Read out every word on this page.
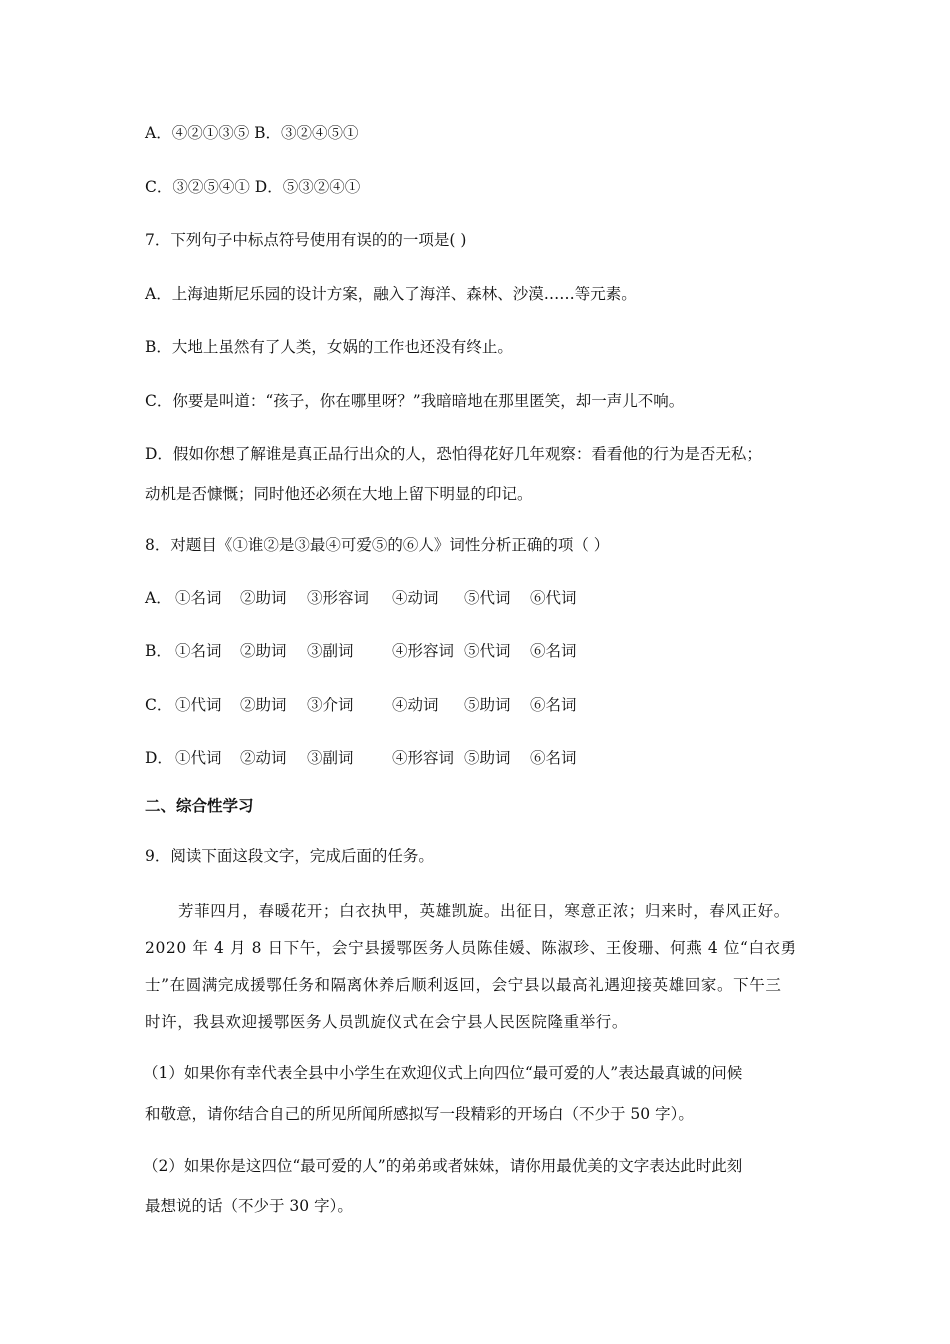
A．④②①③⑤ B．③②④⑤①
C．③②⑤④① D．⑤③②④①
7．下列句子中标点符号使用有误的的一项是( )
A．上海迪斯尼乐园的设计方案，融入了海洋、森林、沙漠……等元素。
B．大地上虽然有了人类，女娲的工作也还没有终止。
C．你要是叫道：“孩子，你在哪里呀？”我暗暗地在那里匿笑，却一声儿不响。
D．假如你想了解谁是真正品行出众的人，恐怕得花好几年观察：看看他的行为是否无私；
动机是否慷慨；同时他还必须在大地上留下明显的印记。
8．对题目《①谁②是③最④可爱⑤的⑥人》词性分析正确的项（ ）
A． ①名词 ②助词 ③形容词 ④动词 ⑤代词 ⑥代词
B． ①名词 ②助词 ③副词 ④形容词 ⑤代词 ⑥名词
C． ①代词 ②助词 ③介词 ④动词 ⑤助词 ⑥名词
D． ①代词 ②动词 ③副词 ④形容词 ⑤助词 ⑥名词
二、综合性学习
9．阅读下面这段文字，完成后面的任务。
芳菲四月，春暖花开；白衣执甲，英雄凯旋。出征日，寒意正浓；归来时，春风正好。
2020 年 4 月 8 日下午，会宁县援鄂医务人员陈佳媛、陈淑珍、王俊珊、何燕 4 位“白衣勇
士”在圆满完成援鄂任务和隔离休养后顺利返回，会宁县以最高礼遇迎接英雄回家。下午三
时许，我县欢迎援鄂医务人员凯旋仪式在会宁县人民医院隆重举行。
（1）如果你有幸代表全县中小学生在欢迎仪式上向四位“最可爱的人”表达最真诚的问候
和敬意，请你结合自己的所见所闻所感拟写一段精彩的开场白（不少于 50 字）。
（2）如果你是这四位“最可爱的人”的弟弟或者妹妹，请你用最优美的文字表达此时此刻
最想说的话（不少于 30 字）。
